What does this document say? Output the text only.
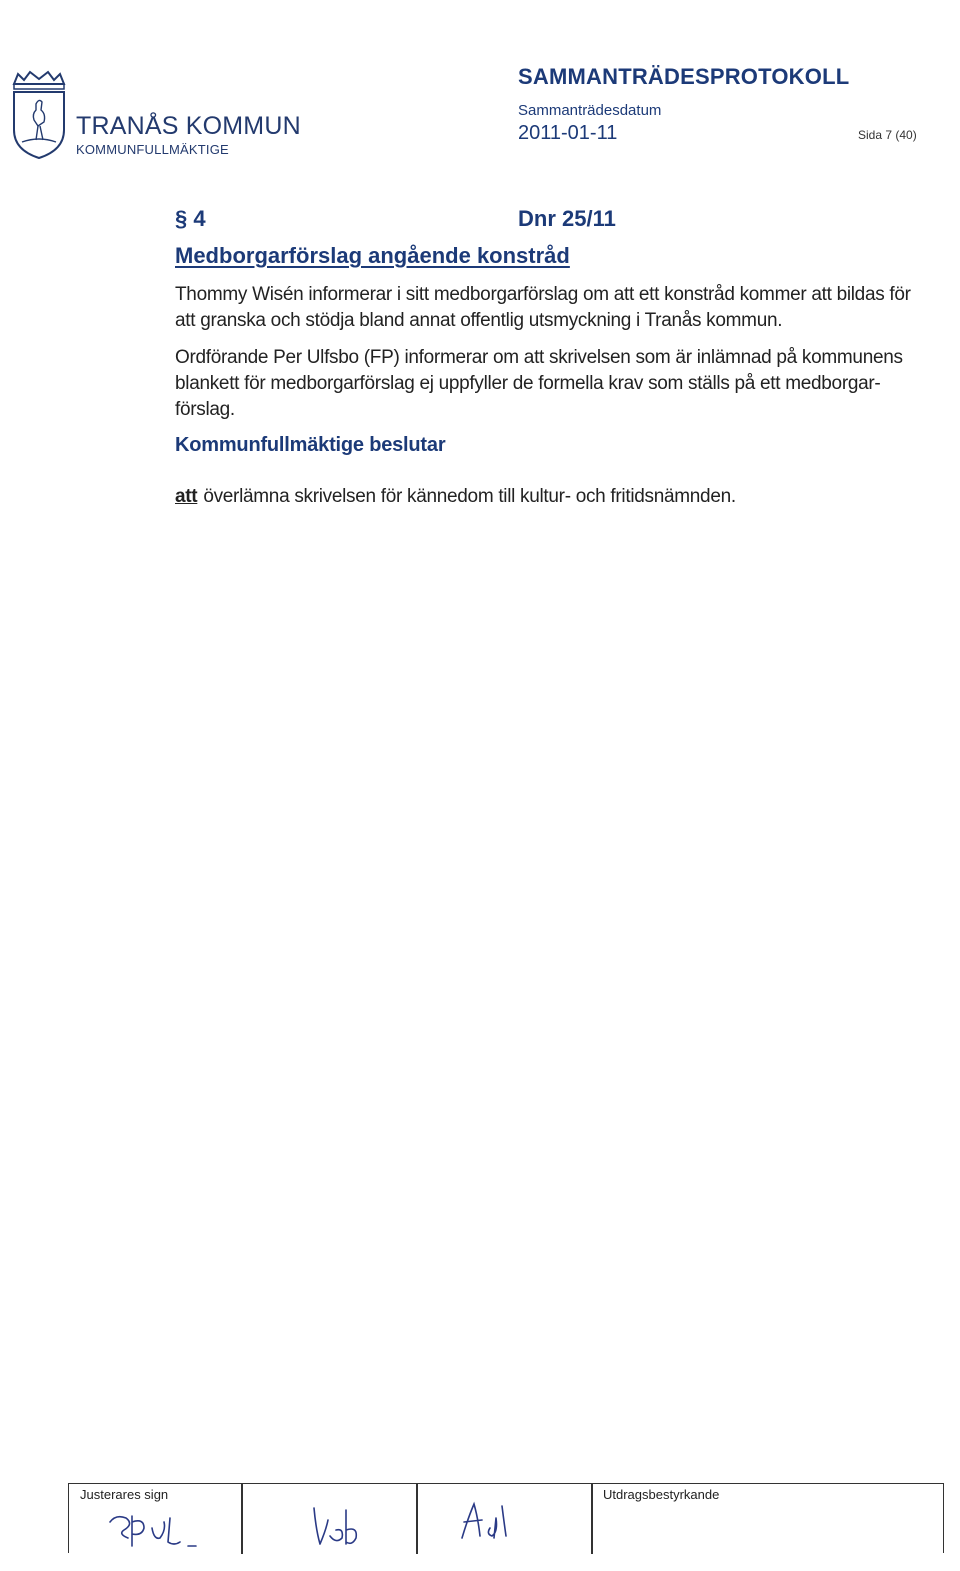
TRANÅS KOMMUN
KOMMUNFULLMÄKTIGE
SAMMANTRÄDESPROTOKOLL
Sammanträdesdatum
2011-01-11	Sida 7 (40)
§ 4	Dnr 25/11
Medborgarförslag angående konstråd
Thommy Wisén informerar i sitt medborgarförslag om att ett konstråd kommer att bildas för att granska och stödja bland annat offentlig utsmyckning i Tranås kommun.
Ordförande Per Ulfsbo (FP) informerar om att skrivelsen som är inlämnad på kommunens blankett för medborgarförslag ej uppfyller de formella krav som ställs på ett medborgar-förslag.
Kommunfullmäktige beslutar
att överlämna skrivelsen för kännedom till kultur- och fritidsnämnden.
Justerares sign	Utdragsbestyrkande
